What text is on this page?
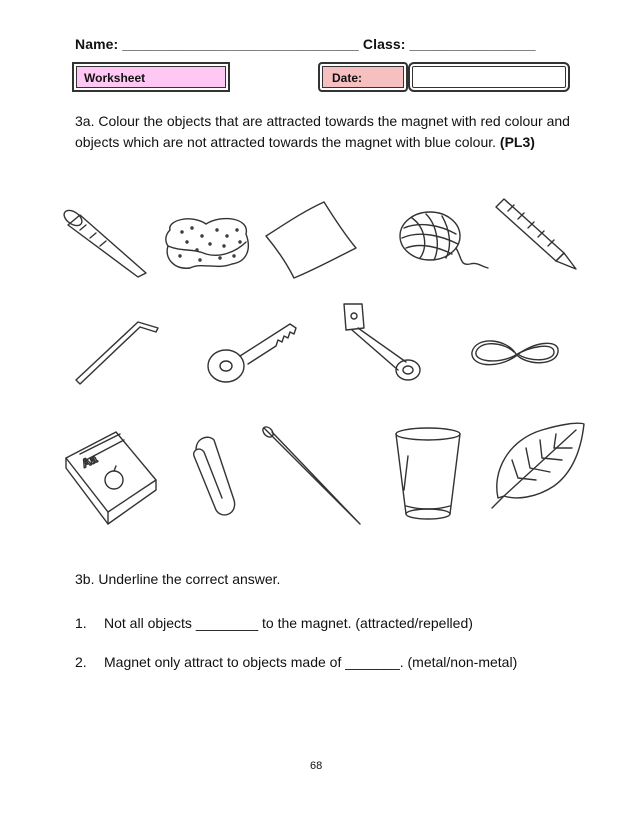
Name: ______________________________ Class: ________________
Worksheet	Date:
3a. Colour the objects that are attracted towards the magnet with red colour and objects which are not attracted towards the magnet with blue colour. (PL3)
Aa
3b. Underline the correct answer.
1. Not all objects ________ to the magnet. (attracted/repelled)
2. Magnet only attract to objects made of _______. (metal/non-metal)
68
